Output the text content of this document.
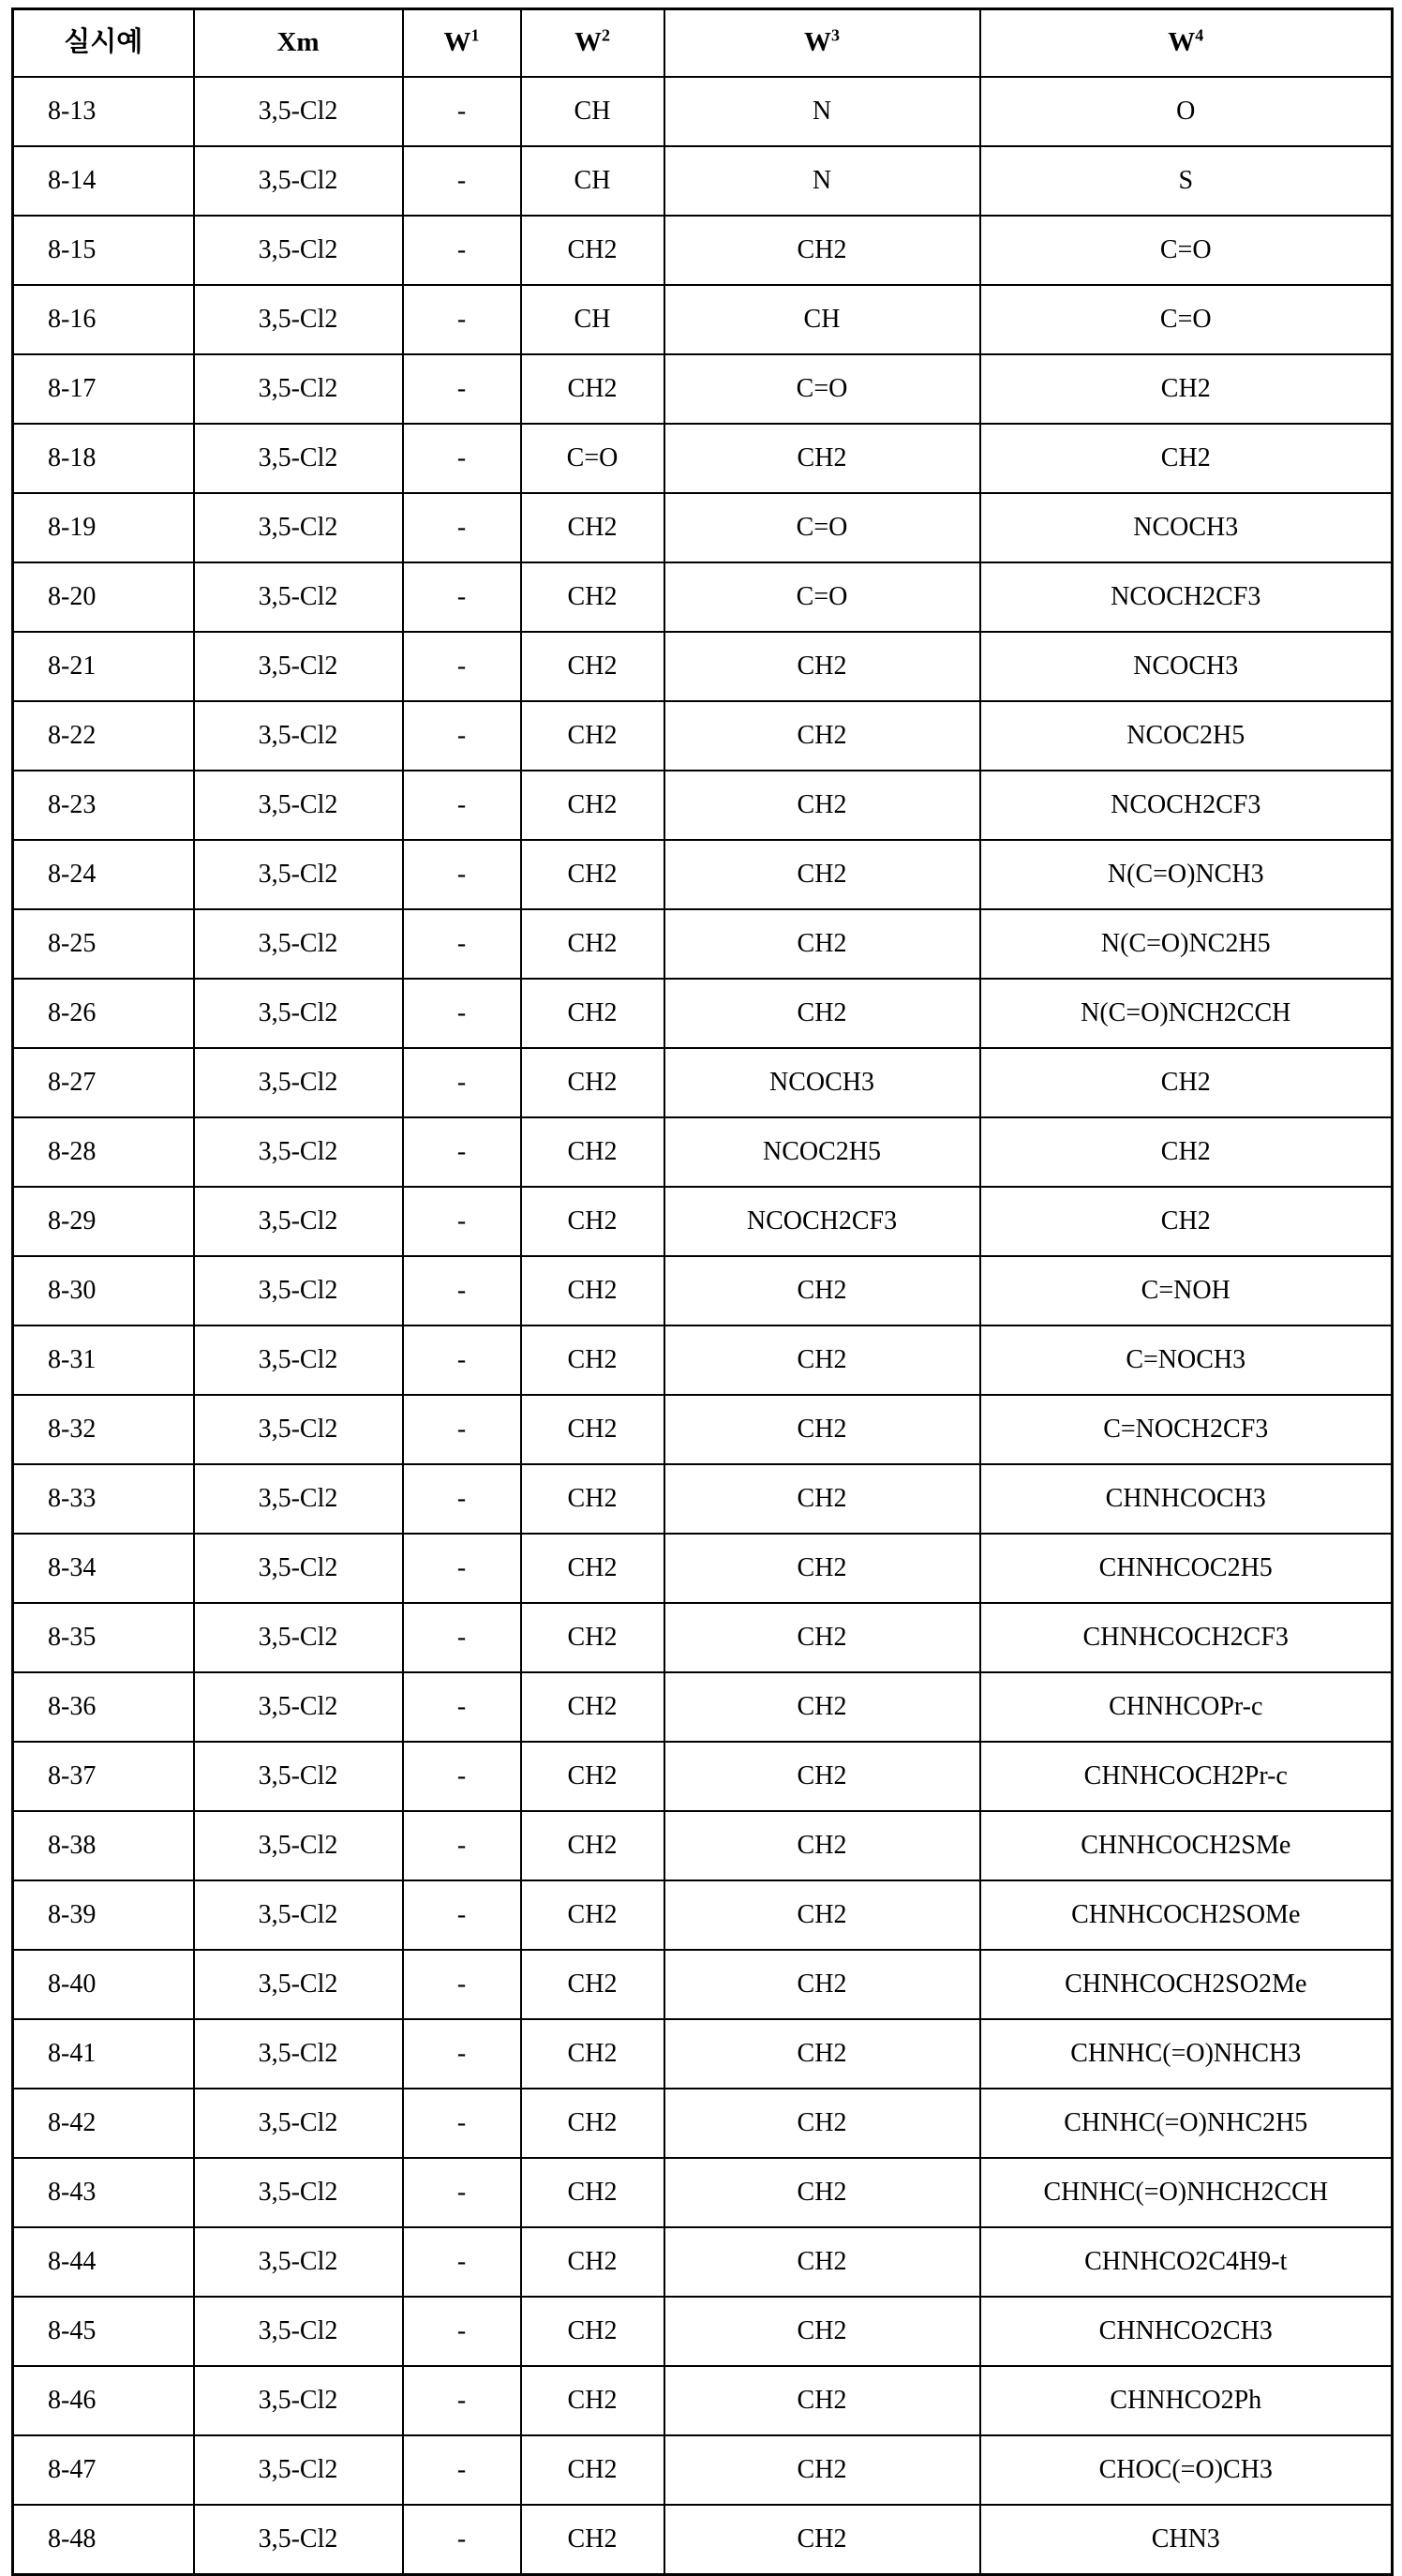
실시예	Xm	$W^1$	$W^2$	$W^3$	$W^4$
8-13	3,5-Cl2	-	CH	N	O
8-14	3,5-Cl2	-	CH	N	S
8-15	3,5-Cl2	-	CH2	CH2	C=O
8-16	3,5-Cl2	-	CH	CH	C=O
8-17	3,5-Cl2	-	CH2	C=O	CH2
8-18	3,5-Cl2	-	C=O	CH2	CH2
8-19	3,5-Cl2	-	CH2	C=O	NCOCH3
8-20	3,5-Cl2	-	CH2	C=O	NCOCH2CF3
8-21	3,5-Cl2	-	CH2	CH2	NCOCH3
8-22	3,5-Cl2	-	CH2	CH2	NCOC2H5
8-23	3,5-Cl2	-	CH2	CH2	NCOCH2CF3
8-24	3,5-Cl2	-	CH2	CH2	N(C=O)NCH3
8-25	3,5-Cl2	-	CH2	CH2	N(C=O)NC2H5
8-26	3,5-Cl2	-	CH2	CH2	N(C=O)NCH2CCH
8-27	3,5-Cl2	-	CH2	NCOCH3	CH2
8-28	3,5-Cl2	-	CH2	NCOC2H5	CH2
8-29	3,5-Cl2	-	CH2	NCOCH2CF3	CH2
8-30	3,5-Cl2	-	CH2	CH2	C=NOH
8-31	3,5-Cl2	-	CH2	CH2	C=NOCH3
8-32	3,5-Cl2	-	CH2	CH2	C=NOCH2CF3
8-33	3,5-Cl2	-	CH2	CH2	CHNHCOCH3
8-34	3,5-Cl2	-	CH2	CH2	CHNHCOC2H5
8-35	3,5-Cl2	-	CH2	CH2	CHNHCOCH2CF3
8-36	3,5-Cl2	-	CH2	CH2	CHNHCOPr-c
8-37	3,5-Cl2	-	CH2	CH2	CHNHCOCH2Pr-c
8-38	3,5-Cl2	-	CH2	CH2	CHNHCOCH2SMe
8-39	3,5-Cl2	-	CH2	CH2	CHNHCOCH2SOMe
8-40	3,5-Cl2	-	CH2	CH2	CHNHCOCH2SO2Me
8-41	3,5-Cl2	-	CH2	CH2	CHNHC(=O)NHCH3
8-42	3,5-Cl2	-	CH2	CH2	CHNHC(=O)NHC2H5
8-43	3,5-Cl2	-	CH2	CH2	CHNHC(=O)NHCH2CCH
8-44	3,5-Cl2	-	CH2	CH2	CHNHCO2C4H9-t
8-45	3,5-Cl2	-	CH2	CH2	CHNHCO2CH3
8-46	3,5-Cl2	-	CH2	CH2	CHNHCO2Ph
8-47	3,5-Cl2	-	CH2	CH2	CHOC(=O)CH3
8-48	3,5-Cl2	-	CH2	CH2	CHN3
